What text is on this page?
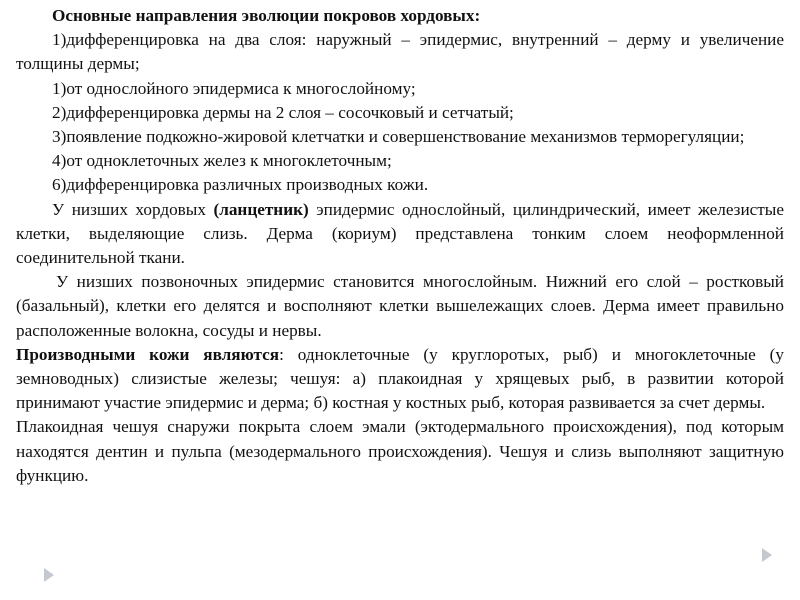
Основные направления эволюции покровов хордовых:

1)дифференцировка на два слоя: наружный – эпидермис, внутренний – дерму и увеличение толщины дермы;

1)от однослойного эпидермиса к многослойному;

2)дифференцировка дермы на 2 слоя – сосочковый и сетчатый;

3)появление подкожно-жировой клетчатки и совершенствование механизмов терморегуляции;

4)от одноклеточных желез к многоклеточным;

6)дифференцировка различных производных кожи.

У низших хордовых (ланцетник) эпидермис однослойный, цилиндрический, имеет железистые клетки, выделяющие слизь. Дерма (кориум) представлена тонким слоем неоформленной соединительной ткани.

У низших позвоночных эпидермис становится многослойным. Нижний его слой – ростковый (базальный), клетки его делятся и восполняют клетки вышележащих слоев. Дерма имеет правильно расположенные волокна, сосуды и нервы.

Производными кожи являются: одноклеточные (у круглоротых, рыб) и многоклеточные (у земноводных) слизистые железы; чешуя: а) плакоидная у хрящевых рыб, в развитии которой принимают участие эпидермис и дерма; б) костная у костных рыб, которая развивается за счет дермы.

Плакоидная чешуя снаружи покрыта слоем эмали (эктодермального происхождения), под которым находятся дентин и пульпа (мезодермального происхождения). Чешуя и слизь выполняют защитную функцию.
